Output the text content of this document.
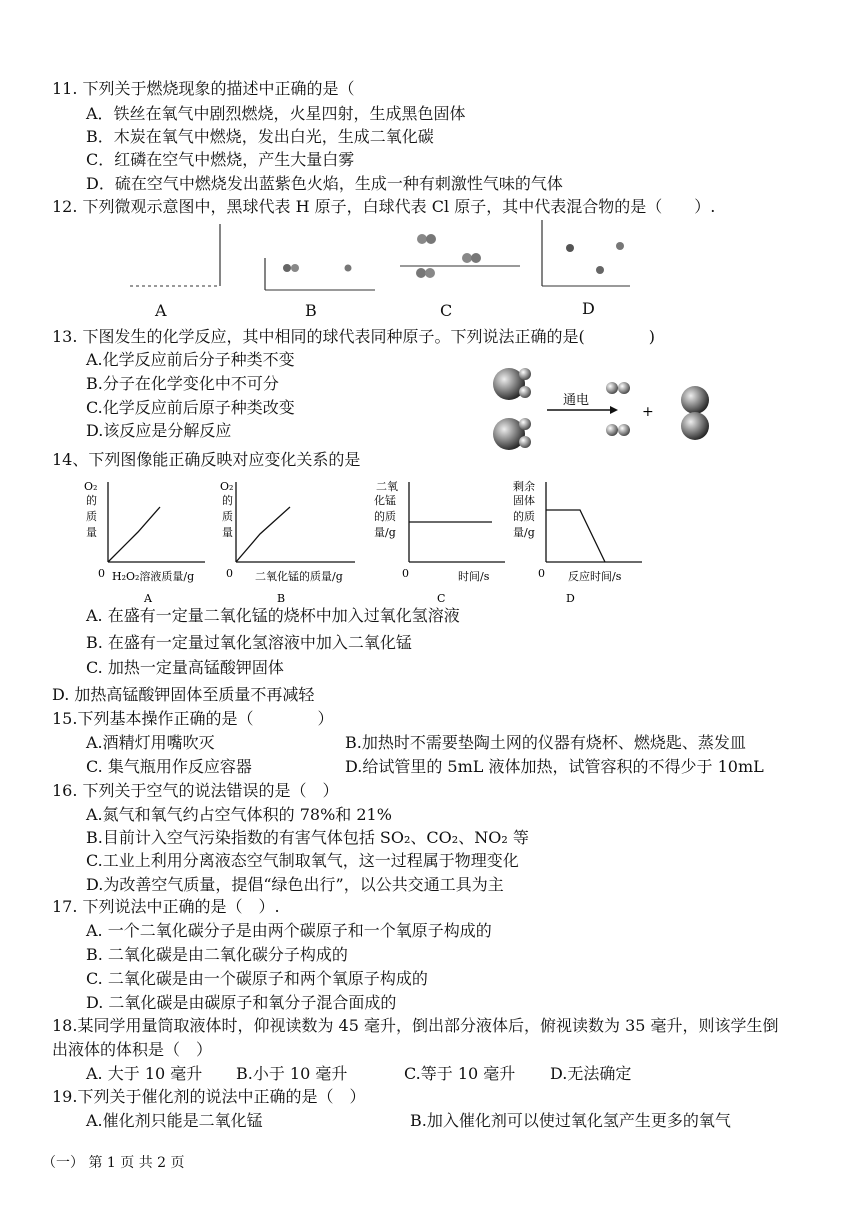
11. 下列关于燃烧现象的描述中正确的是（
A．铁丝在氧气中剧烈燃烧，火星四射，生成黑色固体
B．木炭在氧气中燃烧，发出白光，生成二氧化碳
C．红磷在空气中燃烧，产生大量白雾
D．硫在空气中燃烧发出蓝紫色火焰，生成一种有刺激性气味的气体
12. 下列微观示意图中，黑球代表 H 原子，白球代表 Cl 原子，其中代表混合物的是（　　）.
A	B	C	D
13. 下图发生的化学反应，其中相同的球代表同种原子。下列说法正确的是(　　　　)
A.化学反应前后分子种类不变
B.分子在化学变化中不可分
C.化学反应前后原子种类改变
D.该反应是分解反应
通电
+
14、下列图像能正确反映对应变化关系的是
O₂
的
质
量
0 H₂O₂溶液质量/g
A
O₂
的
质
量
0 二氧化锰的质量/g
B
二氧
化锰
的质
量/g
0	时间/s
C
剩余
固体
的质
量/g
0 反应时间/s
D
A. 在盛有一定量二氧化锰的烧杯中加入过氧化氢溶液
B. 在盛有一定量过氧化氢溶液中加入二氧化锰
C. 加热一定量高锰酸钾固体
D. 加热高锰酸钾固体至质量不再减轻
15.下列基本操作正确的是（　　　　）
A.酒精灯用嘴吹灭	B.加热时不需要垫陶土网的仪器有烧杯、燃烧匙、蒸发皿
C. 集气瓶用作反应容器	D.给试管里的 5mL 液体加热，试管容积的不得少于 10mL
16. 下列关于空气的说法错误的是（　）
A.氮气和氧气约占空气体积的 78%和 21%
B.目前计入空气污染指数的有害气体包括 SO₂、CO₂、NO₂ 等
C.工业上利用分离液态空气制取氧气，这一过程属于物理变化
D.为改善空气质量，提倡“绿色出行”，以公共交通工具为主
17. 下列说法中正确的是（　）.
A. 一个二氧化碳分子是由两个碳原子和一个氧原子构成的
B. 二氧化碳是由二氧化碳分子构成的
C. 二氧化碳是由一个碳原子和两个氧原子构成的
D. 二氧化碳是由碳原子和氧分子混合面成的
18.某同学用量筒取液体时，仰视读数为 45 毫升，倒出部分液体后，俯视读数为 35 毫升，则该学生倒
出液体的体积是（　）
A. 大于 10 毫升 B.小于 10 毫升	C.等于 10 毫升 D.无法确定
19.下列关于催化剂的说法中正确的是（　）
A.催化剂只能是二氧化锰	B.加入催化剂可以使过氧化氢产生更多的氧气
（一） 第 1 页 共 2 页
